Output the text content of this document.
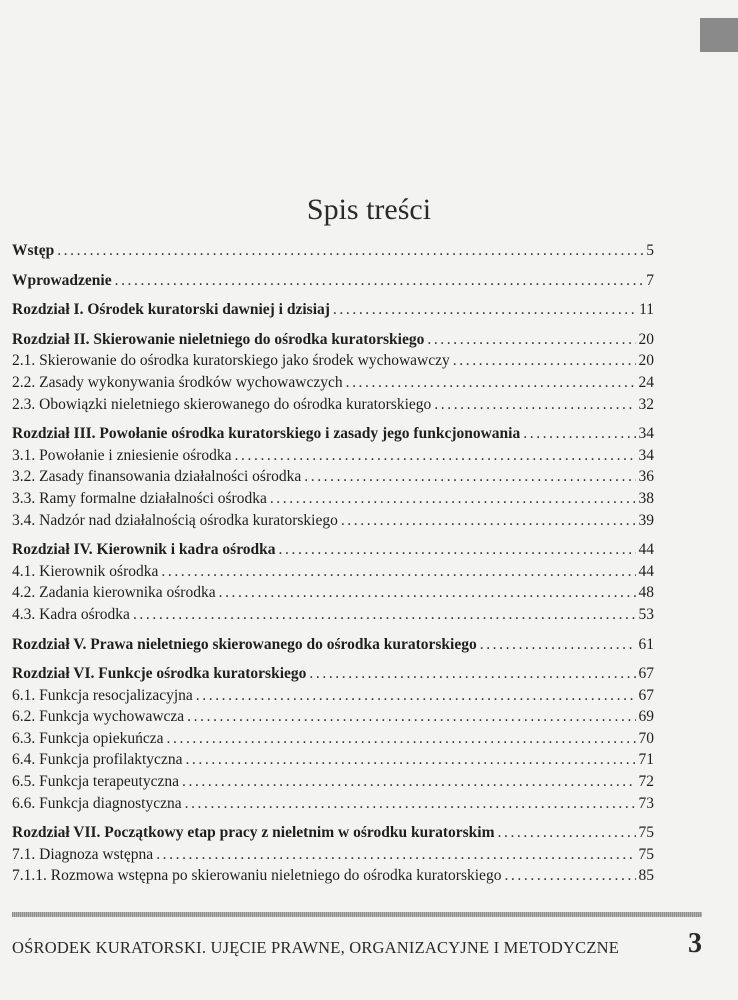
Spis treści
Wstęp .....	5
Wprowadzenie .....	7
Rozdział I. Ośrodek kuratorski dawniej i dzisiaj .....	11
Rozdział II. Skierowanie nieletniego do ośrodka kuratorskiego .....	20
2.1. Skierowanie do ośrodka kuratorskiego jako środek wychowawczy .....	20
2.2. Zasady wykonywania środków wychowawczych .....	24
2.3. Obowiązki nieletniego skierowanego do ośrodka kuratorskiego .....	32
Rozdział III. Powołanie ośrodka kuratorskiego i zasady jego funkcjonowania .....	34
3.1. Powołanie i zniesienie ośrodka .....	34
3.2. Zasady finansowania działalności ośrodka .....	36
3.3. Ramy formalne działalności ośrodka .....	38
3.4. Nadzór nad działalnością ośrodka kuratorskiego .....	39
Rozdział IV. Kierownik i kadra ośrodka .....	44
4.1. Kierownik ośrodka .....	44
4.2. Zadania kierownika ośrodka .....	48
4.3. Kadra ośrodka .....	53
Rozdział V. Prawa nieletniego skierowanego do ośrodka kuratorskiego .....	61
Rozdział VI. Funkcje ośrodka kuratorskiego .....	67
6.1. Funkcja resocjalizacyjna .....	67
6.2. Funkcja wychowawcza .....	69
6.3. Funkcja opiekuńcza .....	70
6.4. Funkcja profilaktyczna .....	71
6.5. Funkcja terapeutyczna .....	72
6.6. Funkcja diagnostyczna .....	73
Rozdział VII. Początkowy etap pracy z nieletnim w ośrodku kuratorskim .....	75
7.1. Diagnoza wstępna .....	75
7.1.1. Rozmowa wstępna po skierowaniu nieletniego do ośrodka kuratorskiego .....	85
OŚRODEK KURATORSKI. UJĘCIE PRAWNE, ORGANIZACYJNE I METODYCZNE 3
